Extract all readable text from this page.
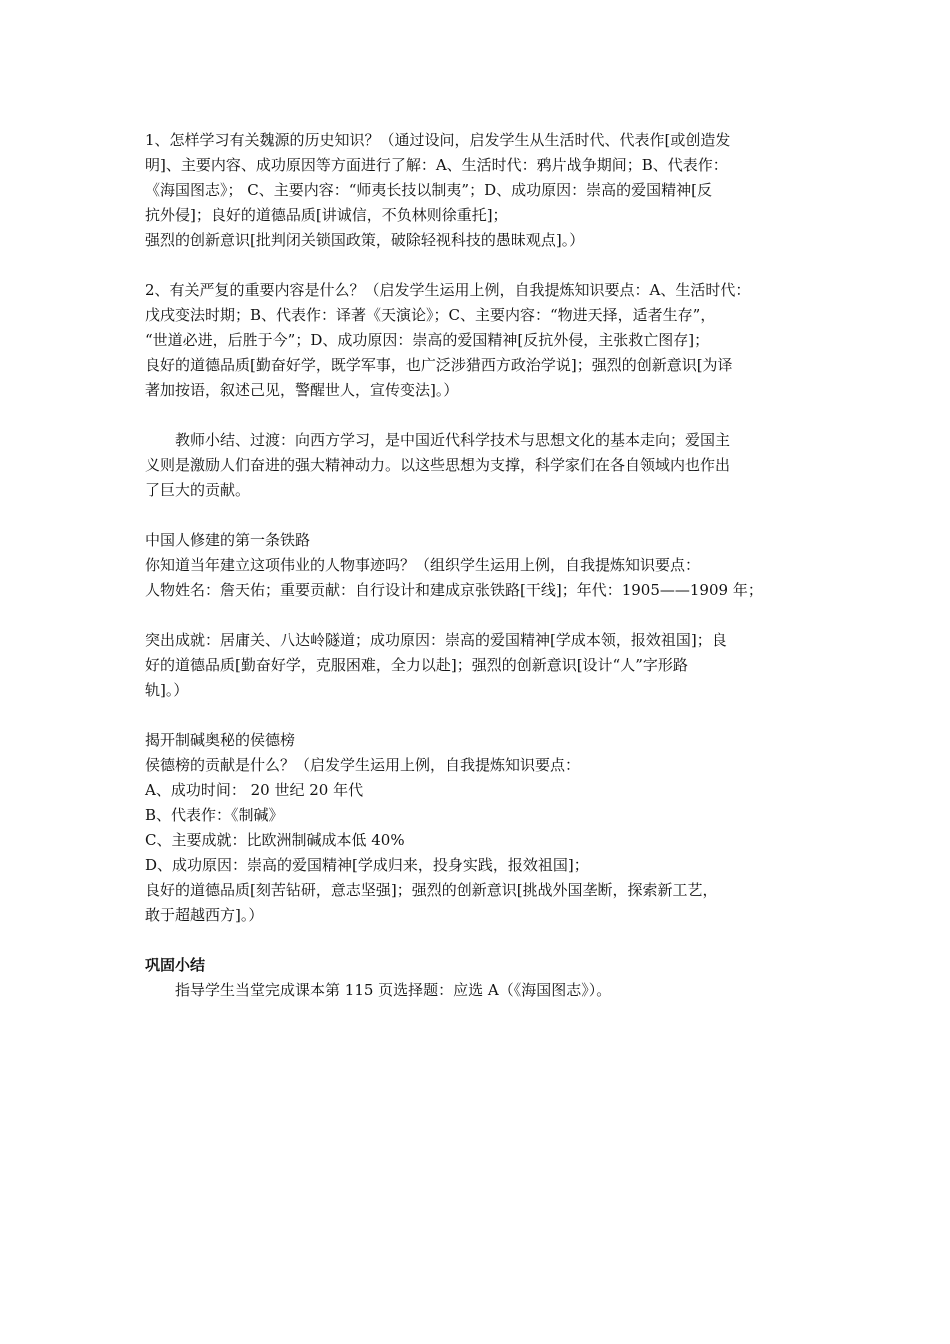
1、怎样学习有关魏源的历史知识？（通过设问，启发学生从生活时代、代表作[或创造发
明]、主要内容、成功原因等方面进行了解：A、生活时代：鸦片战争期间；B、代表作：
《海国图志》； C、主要内容：“师夷长技以制夷”；D、成功原因：崇高的爱国精神[反
抗外侵]；良好的道德品质[讲诚信，不负林则徐重托]；
强烈的创新意识[批判闭关锁国政策，破除轻视科技的愚昧观点]。）
2、有关严复的重要内容是什么？（启发学生运用上例，自我提炼知识要点：A、生活时代：
戊戌变法时期；B、代表作：译著《天演论》；C、主要内容：“物进天择，适者生存”，
“世道必进，后胜于今”；D、成功原因：崇高的爱国精神[反抗外侵，主张救亡图存]；
良好的道德品质[勤奋好学，既学军事，也广泛涉猎西方政治学说]；强烈的创新意识[为译
著加按语，叙述己见，警醒世人，宣传变法]。）
教师小结、过渡：向西方学习，是中国近代科学技术与思想文化的基本走向；爱国主
义则是激励人们奋进的强大精神动力。以这些思想为支撑，科学家们在各自领域内也作出
了巨大的贡献。
中国人修建的第一条铁路
你知道当年建立这项伟业的人物事迹吗？（组织学生运用上例，自我提炼知识要点：
人物姓名：詹天佑；重要贡献：自行设计和建成京张铁路[干线]；年代：1905——1909 年；
突出成就：居庸关、八达岭隧道；成功原因：崇高的爱国精神[学成本领，报效祖国]；良
好的道德品质[勤奋好学，克服困难，全力以赴]；强烈的创新意识[设计“人”字形路
轨]。）
揭开制碱奥秘的侯德榜
侯德榜的贡献是什么？（启发学生运用上例，自我提炼知识要点：
A、成功时间： 20 世纪 20 年代
B、代表作：《制碱》
C、主要成就：比欧洲制碱成本低 40%
D、成功原因：崇高的爱国精神[学成归来，投身实践，报效祖国]；
良好的道德品质[刻苦钻研，意志坚强]；强烈的创新意识[挑战外国垄断，探索新工艺，
敢于超越西方]。）
巩固小结
指导学生当堂完成课本第 115 页选择题：应选 A（《海国图志》）。
